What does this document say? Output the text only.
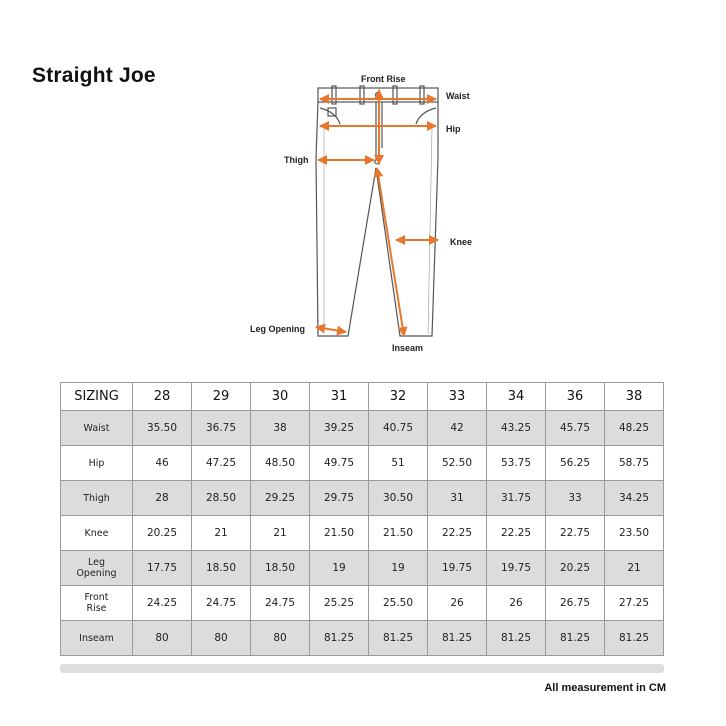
Straight Joe	Front Rise
Waist
Hip
Thigh
Knee
Leg Opening
Inseam
SIZING	28	29	30	31	32	33	34	36	38
Waist	35.50	36.75	38	39.25	40.75	42	43.25	45.75	48.25
Hip	46	47.25	48.50	49.75	51	52.50	53.75	56.25	58.75
Thigh	28	28.50	29.25	29.75	30.50	31	31.75	33	34.25
Knee	20.25	21	21	21.50	21.50	22.25	22.25	22.75	23.50
Leg
Opening	17.75	18.50	18.50	19	19	19.75	19.75	20.25	21
Front
Rise	24.25	24.75	24.75	25.25	25.50	26	26	26.75	27.25
Inseam	80	80	80	81.25	81.25	81.25	81.25	81.25	81.25
All measurement in CM
